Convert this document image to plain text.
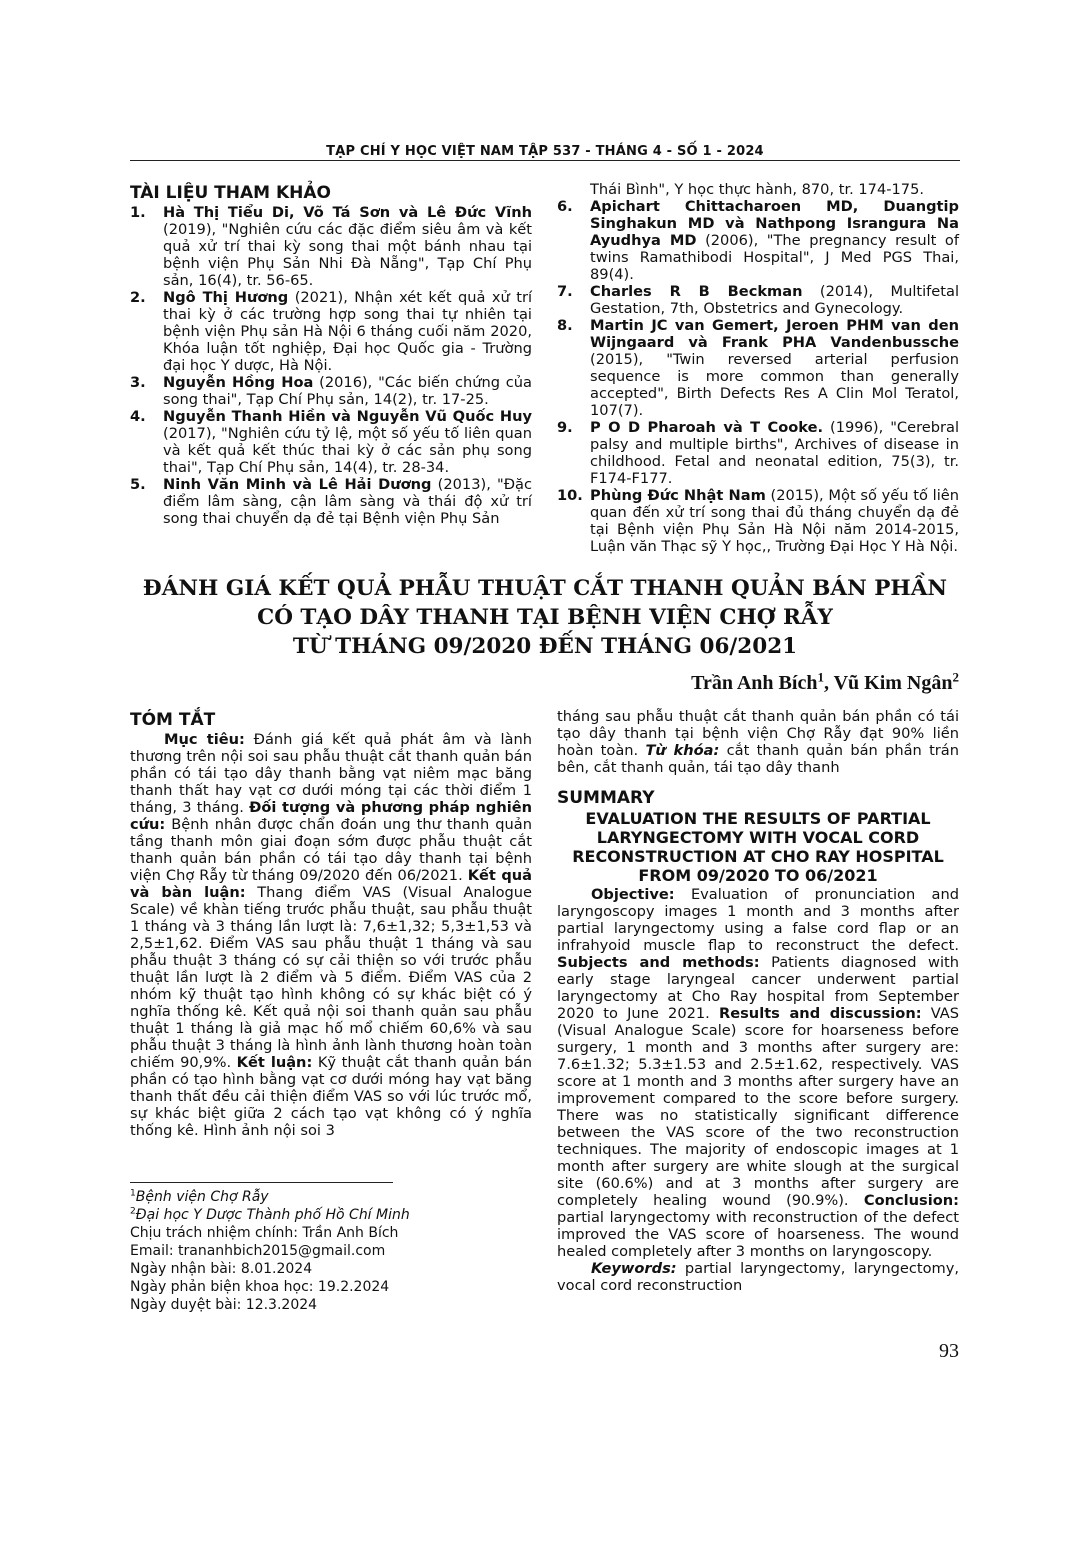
TẠP CHÍ Y HỌC VIỆT NAM TẬP 537 - THÁNG 4 - SỐ 1 - 2024
TÀI LIỆU THAM KHẢO

1. Hà Thị Tiểu Di, Võ Tá Sơn và Lê Đức Vĩnh (2019), "Nghiên cứu các đặc điểm siêu âm và kết quả xử trí thai kỳ song thai một bánh nhau tại bệnh viện Phụ Sản Nhi Đà Nẵng", Tạp Chí Phụ sản, 16(4), tr. 56-65.

2. Ngô Thị Hương (2021), Nhận xét kết quả xử trí thai kỳ ở các trường hợp song thai tự nhiên tại bệnh viện Phụ sản Hà Nội 6 tháng cuối năm 2020, Khóa luận tốt nghiệp, Đại học Quốc gia - Trường đại học Y dược, Hà Nội.

3. Nguyễn Hồng Hoa (2016), "Các biến chứng của song thai", Tạp Chí Phụ sản, 14(2), tr. 17-25.

4. Nguyễn Thanh Hiền và Nguyễn Vũ Quốc Huy (2017), "Nghiên cứu tỷ lệ, một số yếu tố liên quan và kết quả kết thúc thai kỳ ở các sản phụ song thai", Tạp Chí Phụ sản, 14(4), tr. 28-34.

5. Ninh Văn Minh và Lê Hải Dương (2013), "Đặc điểm lâm sàng, cận lâm sàng và thái độ xử trí song thai chuyển dạ đẻ tại Bệnh viện Phụ Sản

Thái Bình", Y học thực hành, 870, tr. 174-175.

6. Apichart Chittacharoen MD, Duangtip Singhakun MD và Nathpong Israngura Na Ayudhya MD (2006), "The pregnancy result of twins Ramathibodi Hospital", J Med PGS Thai, 89(4).

7. Charles R B Beckman (2014), Multifetal Gestation, 7th, Obstetrics and Gynecology.

8. Martin JC van Gemert, Jeroen PHM van den Wijngaard và Frank PHA Vandenbussche (2015), "Twin reversed arterial perfusion sequence is more common than generally accepted", Birth Defects Res A Clin Mol Teratol, 107(7).

9. P O D Pharoah và T Cooke. (1996), "Cerebral palsy and multiple births", Archives of disease in childhood. Fetal and neonatal edition, 75(3), tr. F174-F177.

10. Phùng Đức Nhật Nam (2015), Một số yếu tố liên quan đến xử trí song thai đủ tháng chuyển dạ đẻ tại Bệnh viện Phụ Sản Hà Nội năm 2014-2015, Luận văn Thạc sỹ Y học,, Trường Đại Học Y Hà Nội.

ĐÁNH GIÁ KẾT QUẢ PHẪU THUẬT CẮT THANH QUẢN BÁN PHẦN
CÓ TẠO DÂY THANH TẠI BỆNH VIỆN CHỢ RẪY
TỪ THÁNG 09/2020 ĐẾN THÁNG 06/2021
Trần Anh Bích$^1$, Vũ Kim Ngân$^2$
TÓM TẮT

Mục tiêu: Đánh giá kết quả phát âm và lành thương trên nội soi sau phẫu thuật cắt thanh quản bán phần có tái tạo dây thanh bằng vạt niêm mạc băng thanh thất hay vạt cơ dưới móng tại các thời điểm 1 tháng, 3 tháng. Đối tượng và phương pháp nghiên cứu: Bệnh nhân được chẩn đoán ung thư thanh quản tầng thanh môn giai đoạn sớm được phẫu thuật cắt thanh quản bán phần có tái tạo dây thanh tại bệnh viện Chợ Rẫy từ tháng 09/2020 đến 06/2021. Kết quả và bàn luận: Thang điểm VAS (Visual Analogue Scale) về khàn tiếng trước phẫu thuật, sau phẫu thuật 1 tháng và 3 tháng lần lượt là: 7,6±1,32; 5,3±1,53 và 2,5±1,62. Điểm VAS sau phẫu thuật 1 tháng và sau phẫu thuật 3 tháng có sự cải thiện so với trước phẫu thuật lần lượt là 2 điểm và 5 điểm. Điểm VAS của 2 nhóm kỹ thuật tạo hình không có sự khác biệt có ý nghĩa thống kê. Kết quả nội soi thanh quản sau phẫu thuật 1 tháng là giả mạc hố mổ chiếm 60,6% và sau phẫu thuật 3 tháng là hình ảnh lành thương hoàn toàn chiếm 90,9%. Kết luận: Kỹ thuật cắt thanh quản bán phần có tạo hình bằng vạt cơ dưới móng hay vạt băng thanh thất đều cải thiện điểm VAS so với lúc trước mổ, sự khác biệt giữa 2 cách tạo vạt không có ý nghĩa thống kê. Hình ảnh nội soi 3

tháng sau phẫu thuật cắt thanh quản bán phần có tái tạo dây thanh tại bệnh viện Chợ Rẫy đạt 90% liền hoàn toàn. Từ khóa: cắt thanh quản bán phần trán bên, cắt thanh quản, tái tạo dây thanh

SUMMARY
EVALUATION THE RESULTS OF PARTIAL LARYNGECTOMY WITH VOCAL CORD RECONSTRUCTION AT CHO RAY HOSPITAL FROM 09/2020 TO 06/2021

Objective: Evaluation of pronunciation and laryngoscopy images 1 month and 3 months after partial laryngectomy using a false cord flap or an infrahyoid muscle flap to reconstruct the defect. Subjects and methods: Patients diagnosed with early stage laryngeal cancer underwent partial laryngectomy at Cho Ray hospital from September 2020 to June 2021. Results and discussion: VAS (Visual Analogue Scale) score for hoarseness before surgery, 1 month and 3 months after surgery are: 7.6±1.32; 5.3±1.53 and 2.5±1.62, respectively. VAS score at 1 month and 3 months after surgery have an improvement compared to the score before surgery. There was no statistically significant difference between the VAS score of the two reconstruction techniques. The majority of endoscopic images at 1 month after surgery are white slough at the surgical site (60.6%) and at 3 months after surgery are completely healing wound (90.9%). Conclusion: partial laryngectomy with reconstruction of the defect improved the VAS score of hoarseness. The wound healed completely after 3 months on laryngoscopy.

Keywords: partial laryngectomy, laryngectomy, vocal cord reconstruction

$^1$Bệnh viện Chợ Rẫy
$^2$Đại học Y Dược Thành phố Hồ Chí Minh
Chịu trách nhiệm chính: Trần Anh Bích
Email: trananhbich2015@gmail.com
Ngày nhận bài: 8.01.2024
Ngày phản biện khoa học: 19.2.2024
Ngày duyệt bài: 12.3.2024
93
